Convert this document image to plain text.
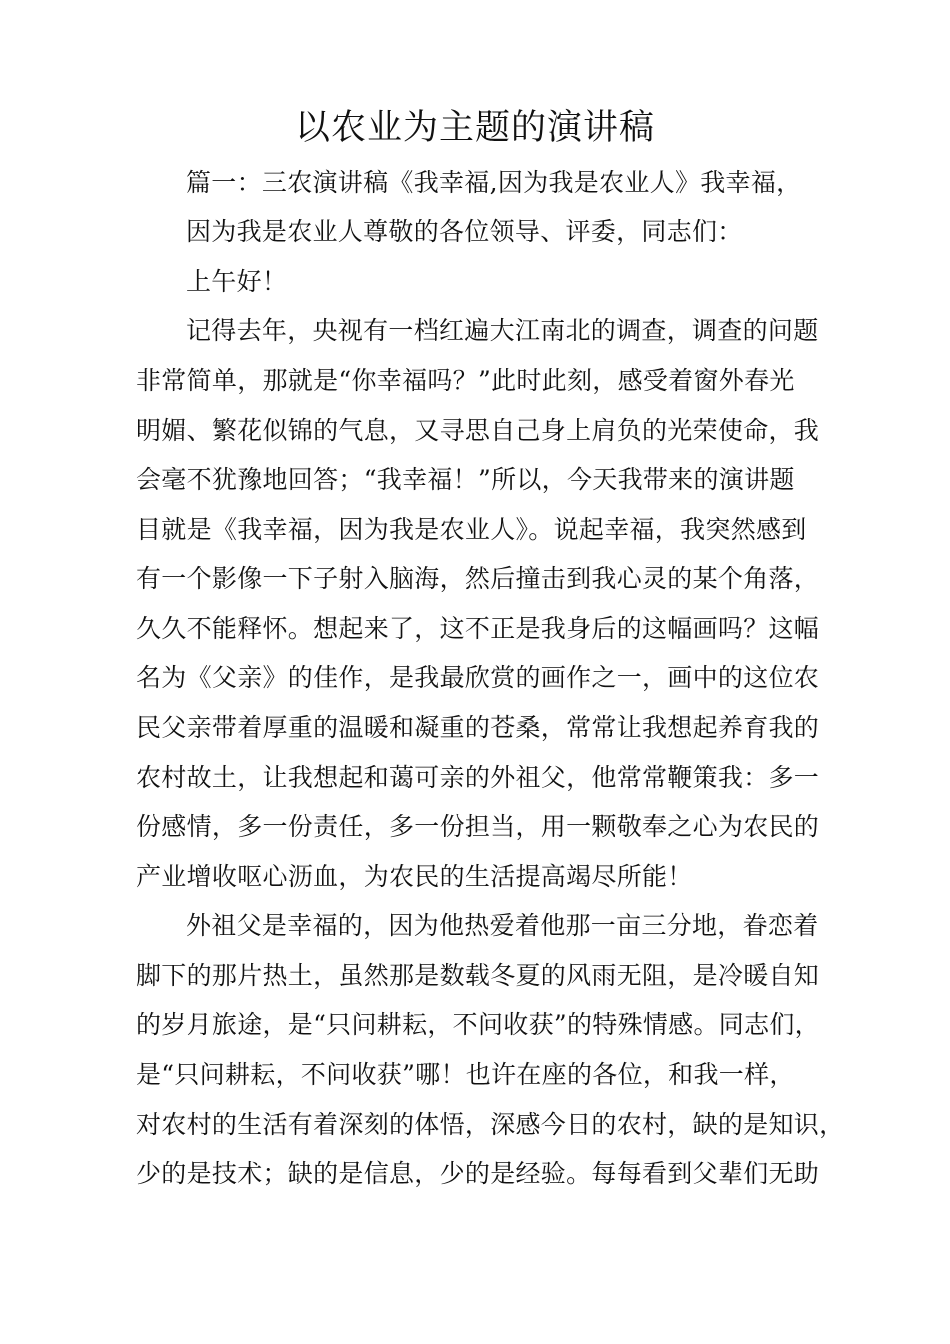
以农业为主题的演讲稿
篇一：三农演讲稿《我幸福,因为我是农业人》我幸福，
因为我是农业人尊敬的各位领导、评委，同志们：
上午好！
记得去年，央视有一档红遍大江南北的调查，调查的问题
非常简单，那就是“你幸福吗？”此时此刻，感受着窗外春光
明媚、繁花似锦的气息，又寻思自己身上肩负的光荣使命，我
会毫不犹豫地回答；“我幸福！”所以，今天我带来的演讲题
目就是《我幸福，因为我是农业人》。说起幸福，我突然感到
有一个影像一下子射入脑海，然后撞击到我心灵的某个角落，
久久不能释怀。想起来了，这不正是我身后的这幅画吗？这幅
名为《父亲》的佳作，是我最欣赏的画作之一，画中的这位农
民父亲带着厚重的温暖和凝重的苍桑，常常让我想起养育我的
农村故土，让我想起和蔼可亲的外祖父，他常常鞭策我：多一
份感情，多一份责任，多一份担当，用一颗敬奉之心为农民的
产业增收呕心沥血，为农民的生活提高竭尽所能！
外祖父是幸福的，因为他热爱着他那一亩三分地，眷恋着
脚下的那片热土，虽然那是数载冬夏的风雨无阻，是冷暖自知
的岁月旅途，是“只问耕耘，不问收获”的特殊情感。同志们，
是“只问耕耘，不问收获”哪！也许在座的各位，和我一样，
对农村的生活有着深刻的体悟，深感今日的农村，缺的是知识，
少的是技术；缺的是信息，少的是经验。每每看到父辈们无助
